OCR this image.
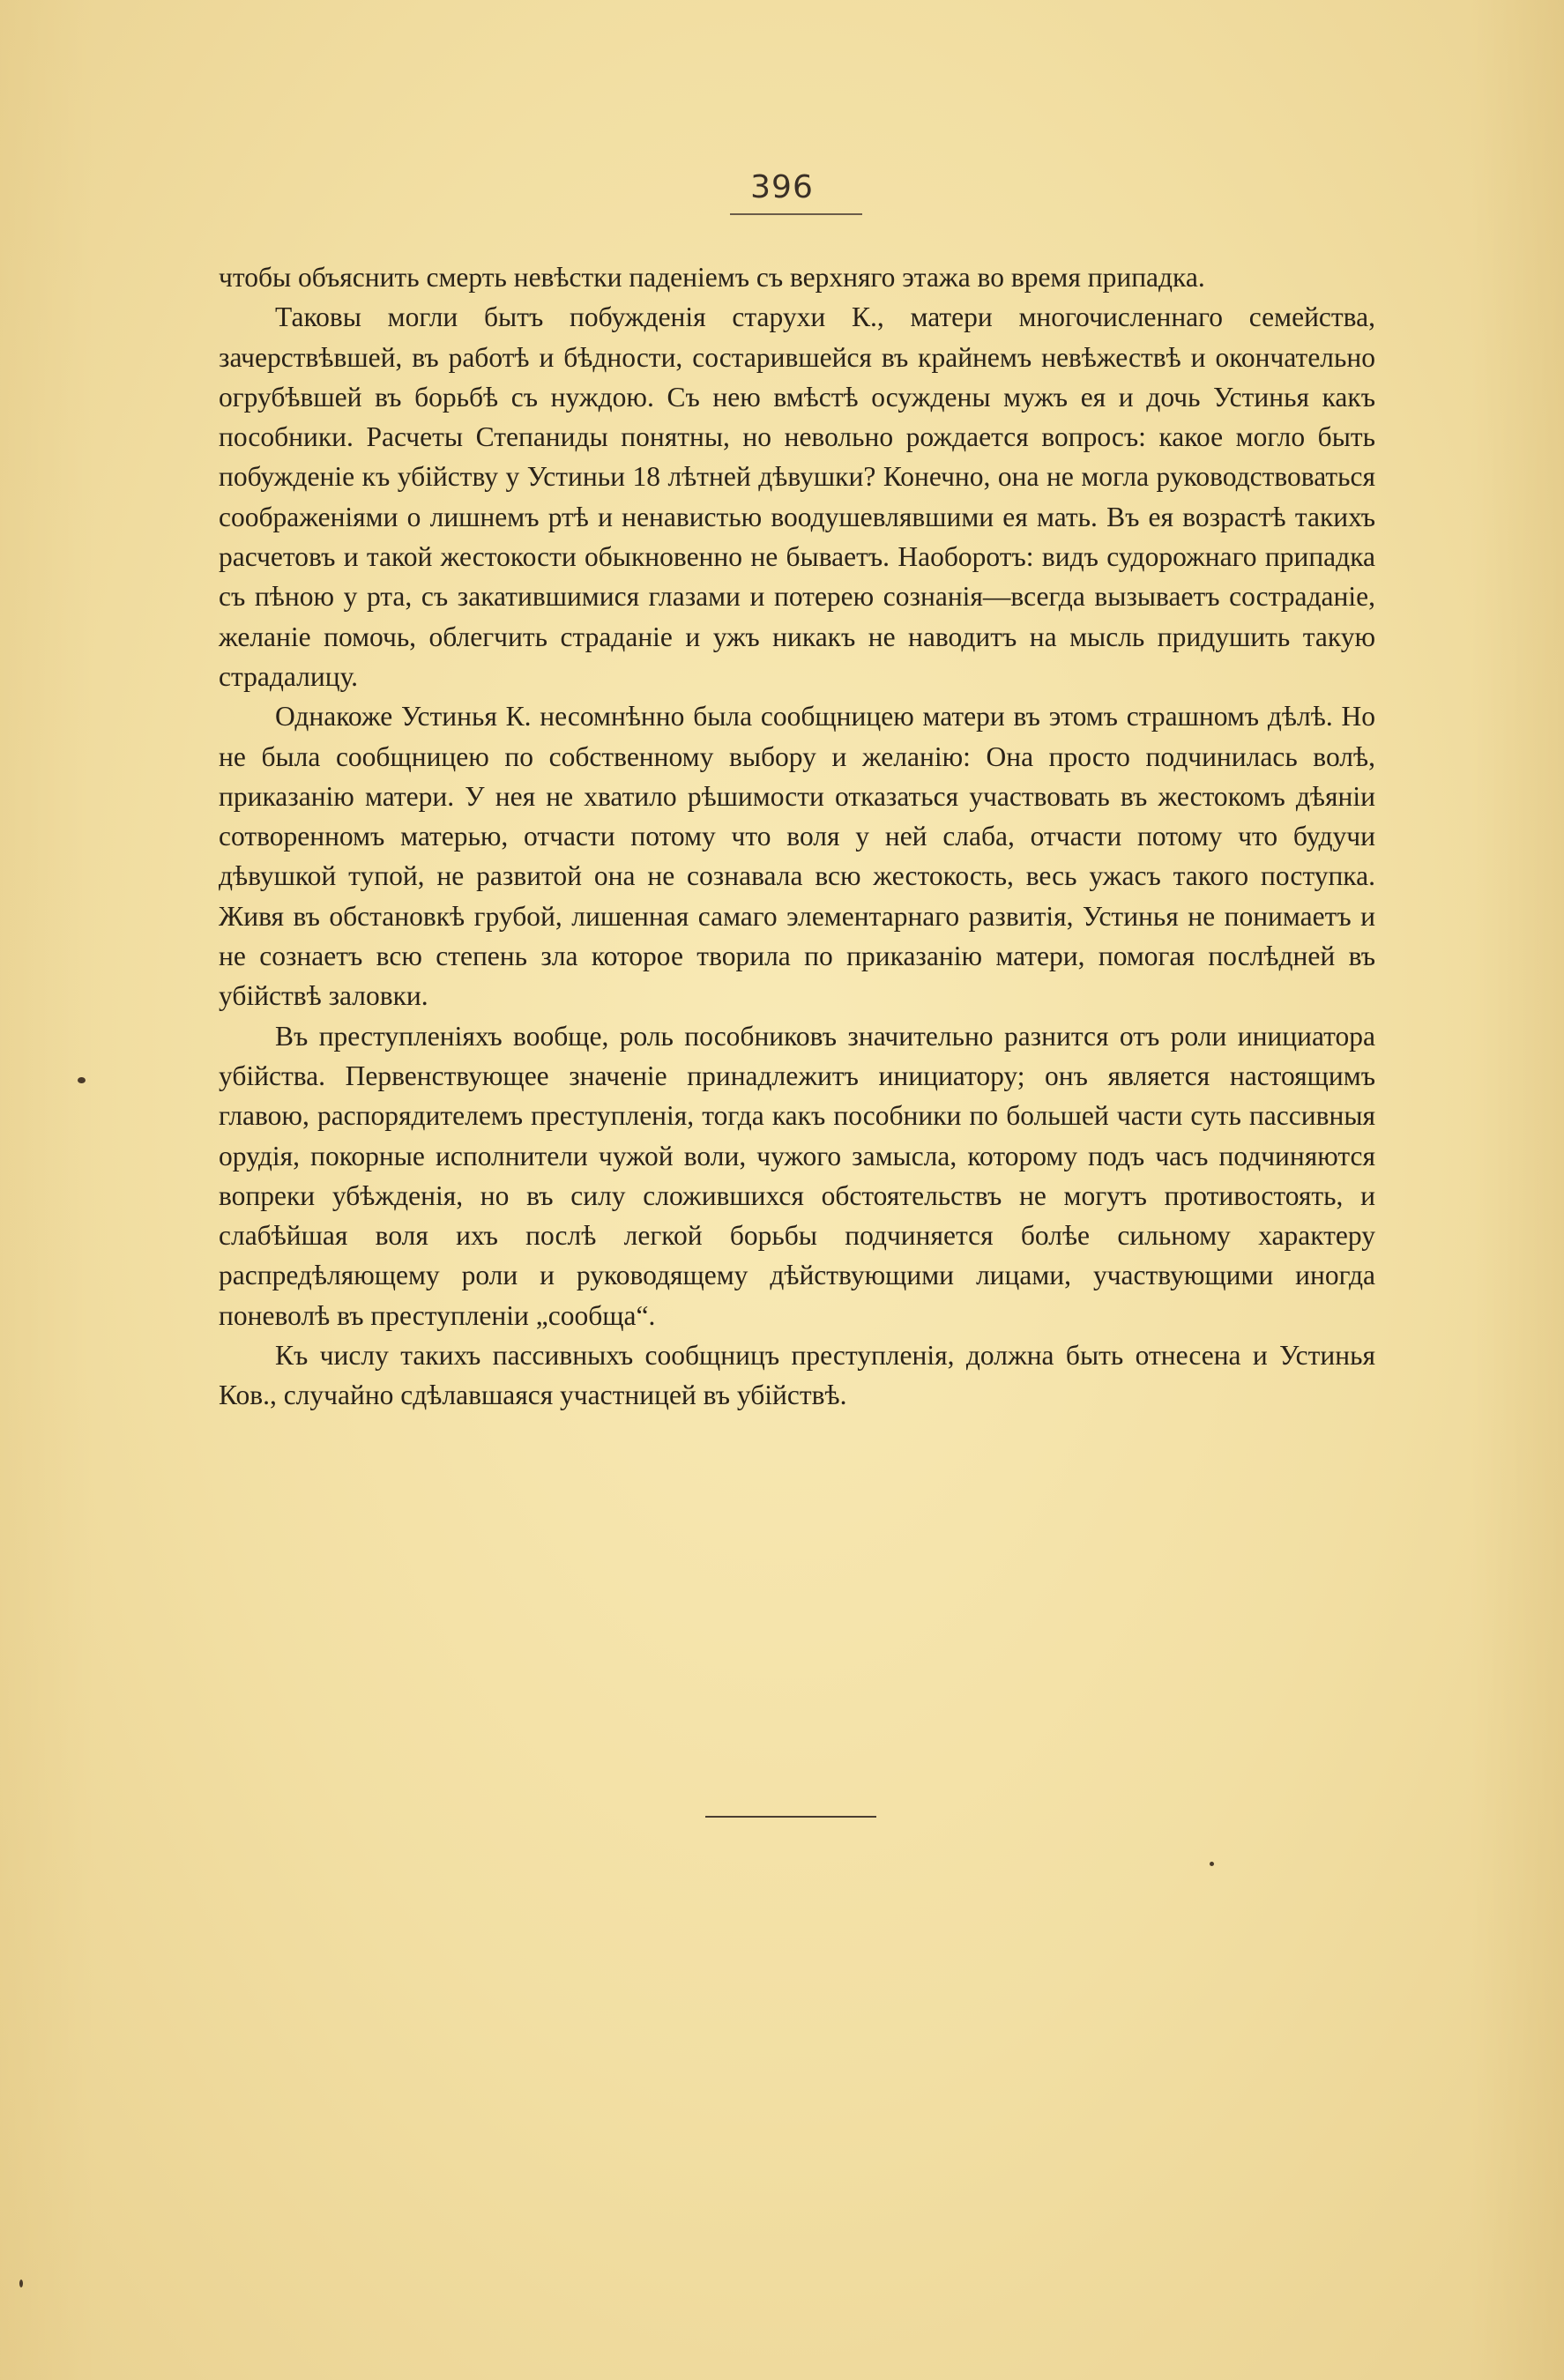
396

чтобы объяснить смерть невѣстки паденіемъ съ верхняго этажа во время припадка.

Таковы могли бытъ побужденія старухи К., матери многочисленнаго семейства, зачерствѣвшей, въ работѣ и бѣдности, состарившейся въ крайнемъ невѣжествѣ и окончательно огрубѣвшей въ борьбѣ съ нуждою. Съ нею вмѣстѣ осуждены мужъ ея и дочь Устинья какъ пособники. Расчеты Степаниды понятны, но невольно рождается вопросъ: какое могло быть побужденіе къ убійству у Устиньи 18 лѣтней дѣвушки? Конечно, она не могла руководствоваться соображеніями о лишнемъ ртѣ и ненавистью воодушевлявшими ея мать. Въ ея возрастѣ такихъ расчетовъ и такой жестокости обыкновенно не бываетъ. Наоборотъ: видъ судорожнаго припадка съ пѣною у рта, съ закатившимися глазами и потерею сознанія—всегда вызываетъ состраданіе, желаніе помочь, облегчить страданіе и ужъ никакъ не наводитъ на мысль придушить такую страдалицу.

Однакоже Устинья К. несомнѣнно была сообщницею матери въ этомъ страшномъ дѣлѣ. Но не была сообщницею по собственному выбору и желанію: Она просто подчинилась волѣ, приказанію матери. У нея не хватило рѣшимости отказаться участвовать въ жестокомъ дѣяніи сотворенномъ матерью, отчасти потому что воля у ней слаба, отчасти потому что будучи дѣвушкой тупой, не развитой она не сознавала всю жестокость, весь ужасъ такого поступка. Живя въ обстановкѣ грубой, лишенная самаго элементарнаго развитія, Устинья не понимаетъ и не сознаетъ всю степень зла которое творила по приказанію матери, помогая послѣдней въ убійствѣ заловки.

Въ преступленіяхъ вообще, роль пособниковъ значительно разнится отъ роли инициатора убійства. Первенствующее значеніе принадлежитъ инициатору; онъ является настоящимъ главою, распорядителемъ преступленія, тогда какъ пособники по большей части суть пассивныя орудія, покорные исполнители чужой воли, чужого замысла, которому подъ часъ подчиняются вопреки убѣжденія, но въ силу сложившихся обстоятельствъ не могутъ противостоять, и слабѣйшая воля ихъ послѣ легкой борьбы подчиняется болѣе сильному характеру распредѣляющему роли и руководящему дѣйствующими лицами, участвующими иногда поневолѣ въ преступленіи „сообща“.

Къ числу такихъ пассивныхъ сообщницъ преступленія, должна быть отнесена и Устинья Ков., случайно сдѣлавшаяся участницей въ убійствѣ.
